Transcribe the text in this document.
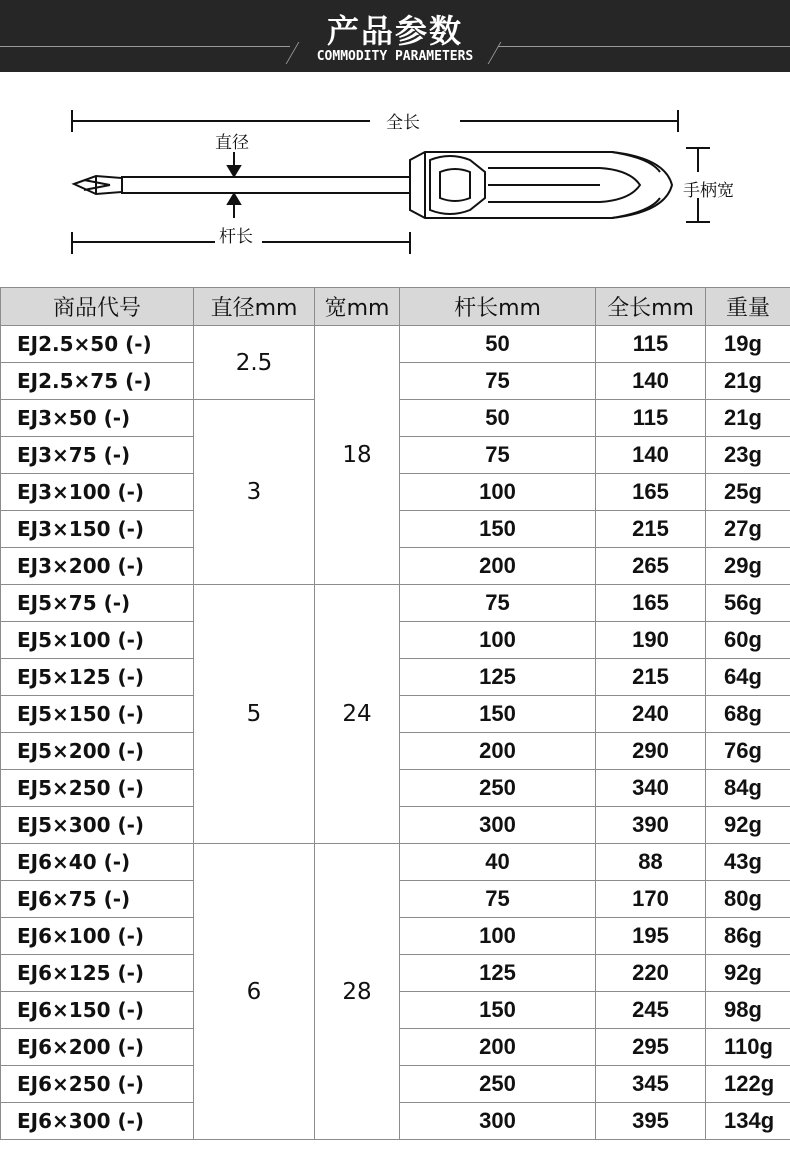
产品参数
COMMODITY PARAMETERS
全长
直径
杆长
手柄宽
商品代号	直径mm	宽mm	杆长mm	全长mm	重量
EJ2.5×50 (-)	2.5	18	50	115	19g
EJ2.5×75 (-)			75	140	21g
EJ3×50 (-)	3		50	115	21g
EJ3×75 (-)			75	140	23g
EJ3×100 (-)			100	165	25g
EJ3×150 (-)			150	215	27g
EJ3×200 (-)			200	265	29g
EJ5×75 (-)	5	24	75	165	56g
EJ5×100 (-)			100	190	60g
EJ5×125 (-)			125	215	64g
EJ5×150 (-)			150	240	68g
EJ5×200 (-)			200	290	76g
EJ5×250 (-)			250	340	84g
EJ5×300 (-)			300	390	92g
EJ6×40 (-)	6	28	40	88	43g
EJ6×75 (-)			75	170	80g
EJ6×100 (-)			100	195	86g
EJ6×125 (-)			125	220	92g
EJ6×150 (-)			150	245	98g
EJ6×200 (-)			200	295	110g
EJ6×250 (-)			250	345	122g
EJ6×300 (-)			300	395	134g
